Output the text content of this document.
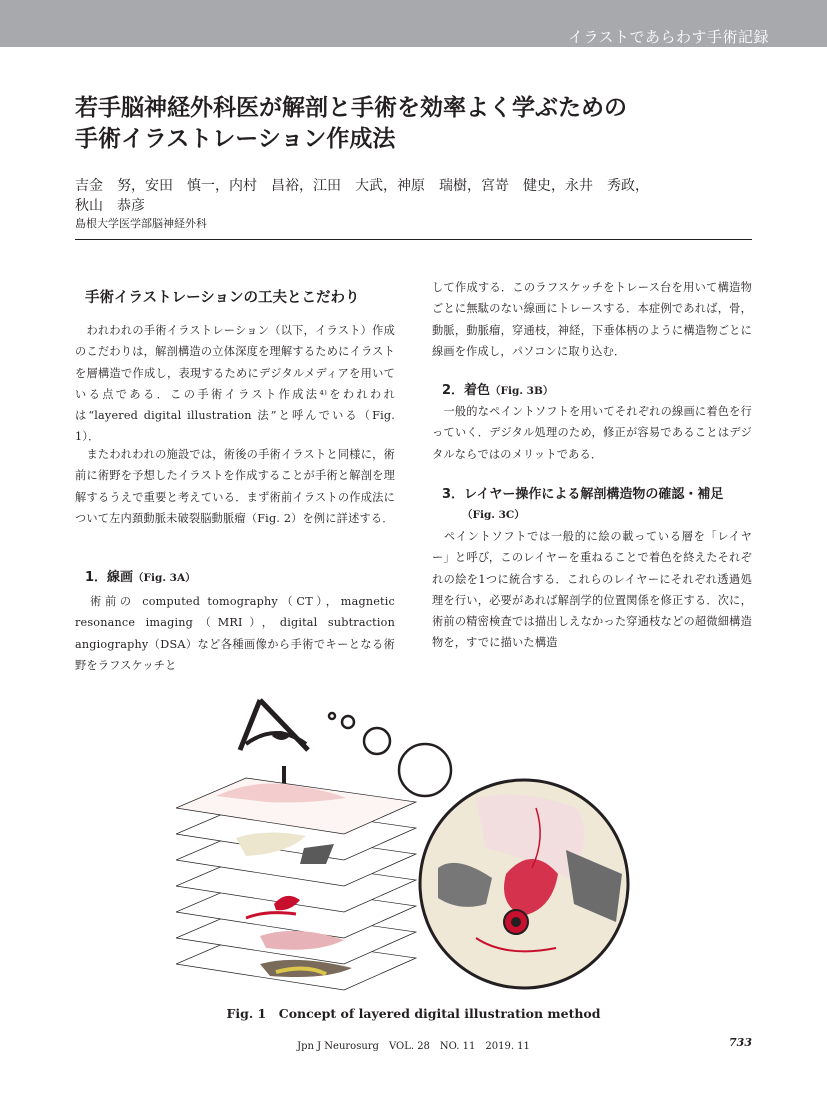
イラストであらわす手術記録
若手脳神経外科医が解剖と手術を効率よく学ぶための
手術イラストレーション作成法
吉金　努，安田　慎一，内村　昌裕，江田　大武，神原　瑞樹，宮嵜　健史，永井　秀政，
秋山　恭彦
島根大学医学部脳神経外科
手術イラストレーションの工夫とこだわり

　われわれの手術イラストレーション（以下，イラスト）作成のこだわりは，解剖構造の立体深度を理解するためにイラストを層構造で作成し，表現するためにデジタルメディアを用いている点である．この手術イラスト作成法⁴⁾をわれわれは“layered digital illustration 法”と呼んでいる（Fig. 1）．

　またわれわれの施設では，術後の手術イラストと同様に，術前に術野を予想したイラストを作成することが手術と解剖を理解するうえで重要と考えている．まず術前イラストの作成法について左内頚動脈未破裂脳動脈瘤（Fig. 2）を例に詳述する．

1．線画（Fig. 3A）

　術前の computed tomography（CT），magnetic resonance imaging（MRI），digital subtraction angiography（DSA）など各種画像から手術でキーとなる術野をラフスケッチと

して作成する．このラフスケッチをトレース台を用いて構造物ごとに無駄のない線画にトレースする．本症例であれば，骨，動脈，動脈瘤，穿通枝，神経，下垂体柄のように構造物ごとに線画を作成し，パソコンに取り込む．

2．着色（Fig. 3B）

　一般的なペイントソフトを用いてそれぞれの線画に着色を行っていく．デジタル処理のため，修正が容易であることはデジタルならではのメリットである．

3．レイヤー操作による解剖構造物の確認・補足
（Fig. 3C）

　ペイントソフトでは一般的に絵の載っている層を「レイヤー」と呼び，このレイヤーを重ねることで着色を終えたそれぞれの絵を1つに統合する．これらのレイヤーにそれぞれ透過処理を行い，必要があれば解剖学的位置関係を修正する．次に，術前の精密検査では描出しえなかった穿通枝などの超微細構造物を，すでに描いた構造

Fig. 1　Concept of layered digital illustration method
Jpn J Neurosurg　VOL. 28　NO. 11　2019. 11	733
